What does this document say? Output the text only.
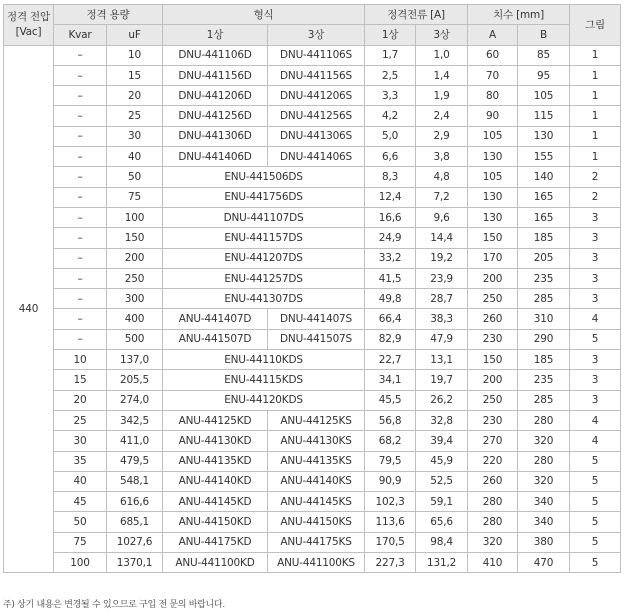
정격 전압
[Vac]	정격 용량		형식		정격전류 [A]		치수 [mm]		그림
	Kvar	uF	1상	3상	1상	3상	A	B	
440	–	10	DNU-441106D	DNU-441106S	1,7	1,0	60	85	1
	–	15	DNU-441156D	DNU-441156S	2,5	1,4	70	95	1
	–	20	DNU-441206D	DNU-441206S	3,3	1,9	80	105	1
	–	25	DNU-441256D	DNU-441256S	4,2	2,4	90	115	1
	–	30	DNU-441306D	DNU-441306S	5,0	2,9	105	130	1
	–	40	DNU-441406D	DNU-441406S	6,6	3,8	130	155	1
	–	50	ENU-441506DS		8,3	4,8	105	140	2
	–	75	ENU-441756DS		12,4	7,2	130	165	2
	–	100	DNU-441107DS		16,6	9,6	130	165	3
	–	150	ENU-441157DS		24,9	14,4	150	185	3
	–	200	ENU-441207DS		33,2	19,2	170	205	3
	–	250	ENU-441257DS		41,5	23,9	200	235	3
	–	300	ENU-441307DS		49,8	28,7	250	285	3
	–	400	ANU-441407D	DNU-441407S	66,4	38,3	260	310	4
	–	500	ANU-441507D	DNU-441507S	82,9	47,9	230	290	5
	10	137,0	ENU-44110KDS		22,7	13,1	150	185	3
	15	205,5	ENU-44115KDS		34,1	19,7	200	235	3
	20	274,0	ENU-44120KDS		45,5	26,2	250	285	3
	25	342,5	ANU-44125KD	ANU-44125KS	56,8	32,8	230	280	4
	30	411,0	ANU-44130KD	ANU-44130KS	68,2	39,4	270	320	4
	35	479,5	ANU-44135KD	ANU-44135KS	79,5	45,9	220	280	5
	40	548,1	ANU-44140KD	ANU-44140KS	90,9	52,5	260	320	5
	45	616,6	ANU-44145KD	ANU-44145KS	102,3	59,1	280	340	5
	50	685,1	ANU-44150KD	ANU-44150KS	113,6	65,6	280	340	5
	75	1027,6	ANU-44175KD	ANU-44175KS	170,5	98,4	320	380	5
	100	1370,1	ANU-441100KD	ANU-441100KS	227,3	131,2	410	470	5
주) 상기 내용은 변경될 수 있으므로 구입 전 문의 바랍니다.
